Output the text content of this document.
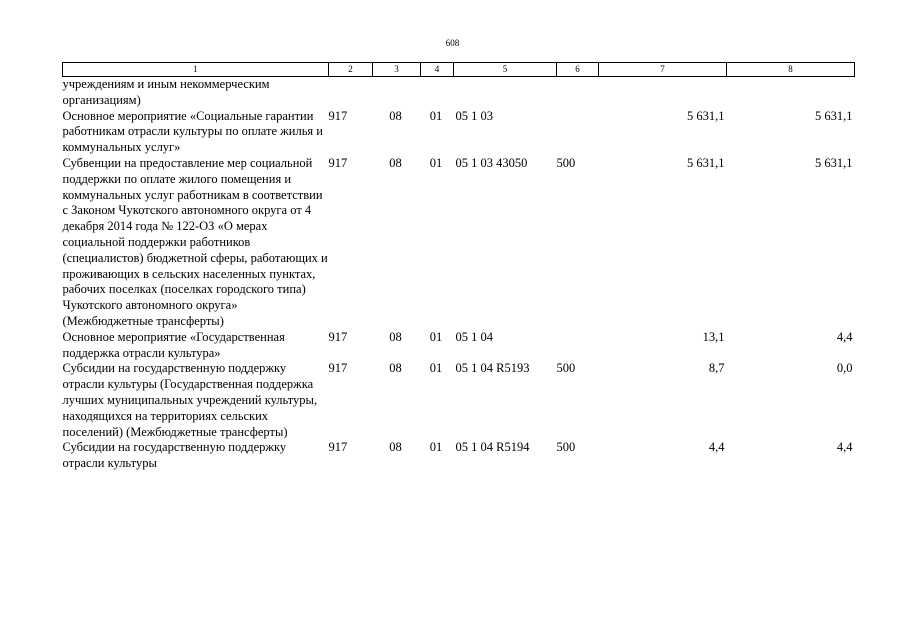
608
1	2	3	4	5	6	7	8
учреждениям и иным некоммерческим организациям)							
Основное мероприятие «Социальные гарантии работникам отрасли культуры по оплате жилья и коммунальных услуг»	917	08	01	05 1 03		5 631,1	5 631,1
Субвенции на предоставление мер социальной поддержки по оплате жилого помещения и коммунальных услуг работникам в соответствии с Законом Чукотского автономного округа от 4 декабря 2014 года № 122-ОЗ «О мерах социальной поддержки работников (специалистов) бюджетной сферы, работающих и проживающих в сельских населенных пунктах, рабочих поселках (поселках городского типа) Чукотского автономного округа» (Межбюджетные трансферты)	917	08	01	05 1 03 43050	500	5 631,1	5 631,1
Основное мероприятие «Государственная поддержка отрасли культура»	917	08	01	05 1 04		13,1	4,4
Субсидии на государственную поддержку отрасли культуры (Государственная поддержка лучших муниципальных учреждений культуры, находящихся на территориях сельских поселений) (Межбюджетные трансферты)	917	08	01	05 1 04 R5193	500	8,7	0,0
Субсидии на государственную поддержку отрасли культуры	917	08	01	05 1 04 R5194	500	4,4	4,4
